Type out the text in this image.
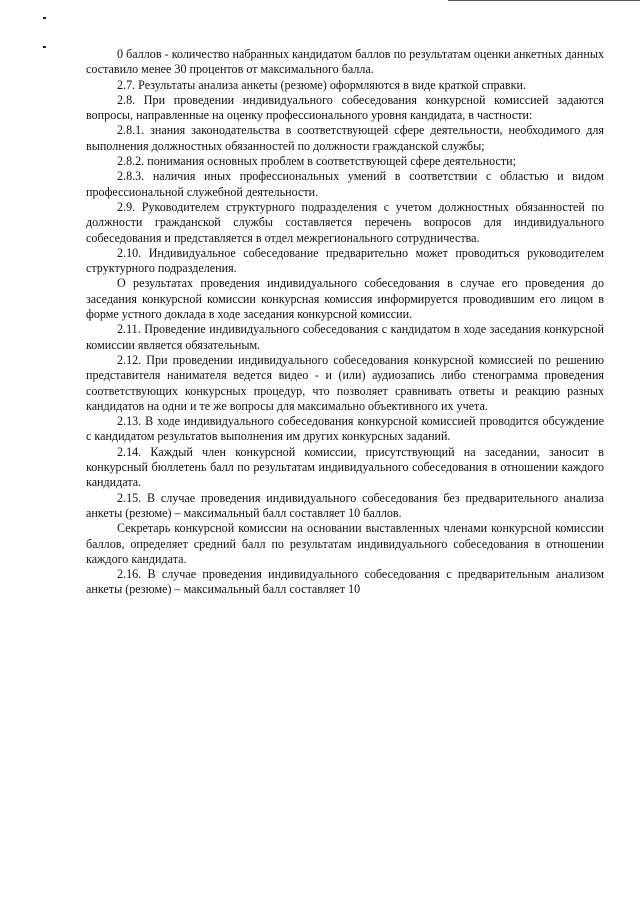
0 баллов - количество набранных кандидатом баллов по результатам оценки анкетных данных составило менее 30 процентов от максимального балла.

2.7. Результаты анализа анкеты (резюме) оформляются в виде краткой справки.

2.8. При проведении индивидуального собеседования конкурсной комиссией задаются вопросы, направленные на оценку профессионального уровня кандидата, в частности:

2.8.1. знания законодательства в соответствующей сфере деятельности, необходимого для выполнения должностных обязанностей по должности гражданской службы;

2.8.2. понимания основных проблем в соответствующей сфере деятельности;

2.8.3. наличия иных профессиональных умений в соответствии с областью и видом профессиональной служебной деятельности.

2.9. Руководителем структурного подразделения с учетом должностных обязанностей по должности гражданской службы составляется перечень вопросов для индивидуального собеседования и представляется в отдел межрегионального сотрудничества.

2.10. Индивидуальное собеседование предварительно может проводиться руководителем структурного подразделения.

О результатах проведения индивидуального собеседования в случае его проведения до заседания конкурсной комиссии конкурсная комиссия информируется проводившим его лицом в форме устного доклада в ходе заседания конкурсной комиссии.

2.11. Проведение индивидуального собеседования с кандидатом в ходе заседания конкурсной комиссии является обязательным.

2.12. При проведении индивидуального собеседования конкурсной комиссией по решению представителя нанимателя ведется видео - и (или) аудиозапись либо стенограмма проведения соответствующих конкурсных процедур, что позволяет сравнивать ответы и реакцию разных кандидатов на одни и те же вопросы для максимально объективного их учета.

2.13. В ходе индивидуального собеседования конкурсной комиссией проводится обсуждение с кандидатом результатов выполнения им других конкурсных заданий.

2.14. Каждый член конкурсной комиссии, присутствующий на заседании, заносит в конкурсный бюллетень балл по результатам индивидуального собеседования в отношении каждого кандидата.

2.15. В случае проведения индивидуального собеседования без предварительного анализа анкеты (резюме) – максимальный балл составляет 10 баллов.

Секретарь конкурсной комиссии на основании выставленных членами конкурсной комиссии баллов, определяет средний балл по результатам индивидуального собеседования в отношении каждого кандидата.

2.16. В случае проведения индивидуального собеседования с предварительным анализом анкеты (резюме) – максимальный балл составляет 10
